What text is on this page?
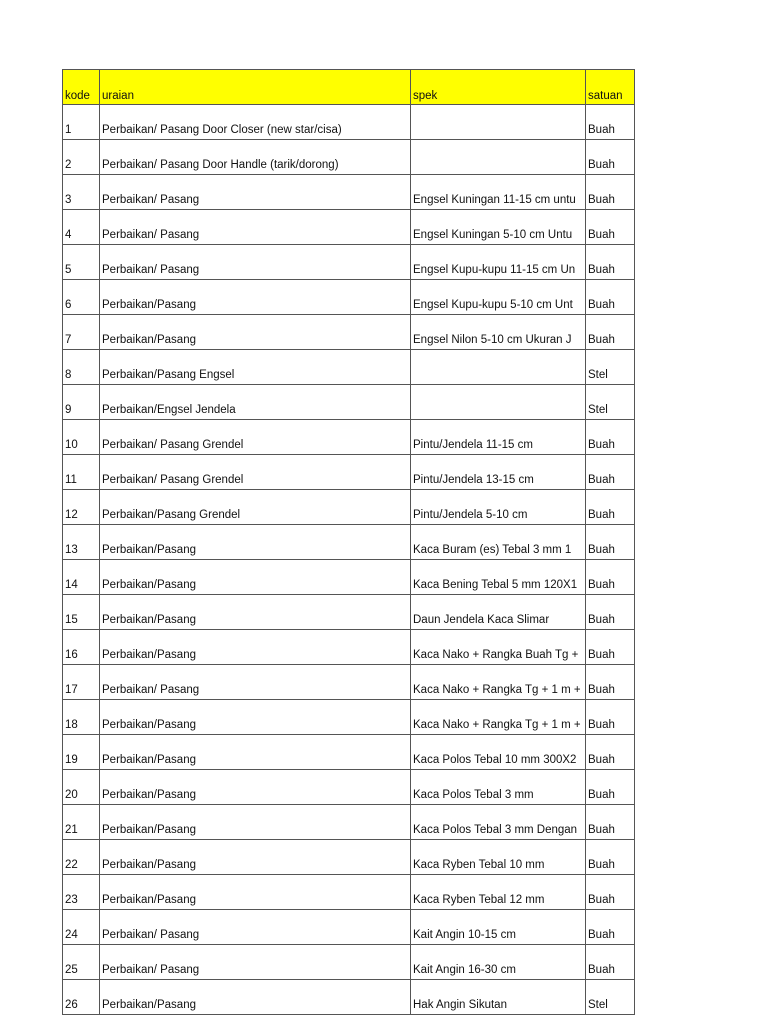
kode	uraian	spek	satuan
1	Perbaikan/ Pasang Door Closer (new star/cisa)		Buah
2	Perbaikan/ Pasang Door Handle (tarik/dorong)		Buah
3	Perbaikan/ Pasang	Engsel Kuningan 11-15 cm untu	Buah
4	Perbaikan/ Pasang	Engsel Kuningan 5-10 cm Untu	Buah
5	Perbaikan/ Pasang	Engsel Kupu-kupu 11-15 cm Un	Buah
6	Perbaikan/Pasang	Engsel Kupu-kupu 5-10 cm Unt	Buah
7	Perbaikan/Pasang	Engsel Nilon 5-10 cm Ukuran J	Buah
8	Perbaikan/Pasang Engsel		Stel
9	Perbaikan/Engsel Jendela		Stel
10	Perbaikan/ Pasang Grendel	Pintu/Jendela 11-15 cm	Buah
11	Perbaikan/ Pasang Grendel	Pintu/Jendela 13-15 cm	Buah
12	Perbaikan/Pasang Grendel	Pintu/Jendela 5-10 cm	Buah
13	Perbaikan/Pasang	Kaca Buram (es) Tebal 3 mm 1	Buah
14	Perbaikan/Pasang	Kaca Bening Tebal 5 mm 120X1	Buah
15	Perbaikan/Pasang	Daun Jendela Kaca Slimar	Buah
16	Perbaikan/Pasang	Kaca Nako + Rangka Buah Tg +	Buah
17	Perbaikan/ Pasang	Kaca Nako + Rangka Tg + 1 m +	Buah
18	Perbaikan/Pasang	Kaca Nako + Rangka Tg + 1 m +	Buah
19	Perbaikan/Pasang	Kaca Polos Tebal 10 mm 300X2	Buah
20	Perbaikan/Pasang	Kaca Polos Tebal 3 mm	Buah
21	Perbaikan/Pasang	Kaca Polos Tebal 3 mm Dengan	Buah
22	Perbaikan/Pasang	Kaca Ryben Tebal 10 mm	Buah
23	Perbaikan/Pasang	Kaca Ryben Tebal 12 mm	Buah
24	Perbaikan/ Pasang	Kait Angin 10-15 cm	Buah
25	Perbaikan/ Pasang	Kait Angin 16-30 cm	Buah
26	Perbaikan/Pasang	Hak Angin Sikutan	Stel
